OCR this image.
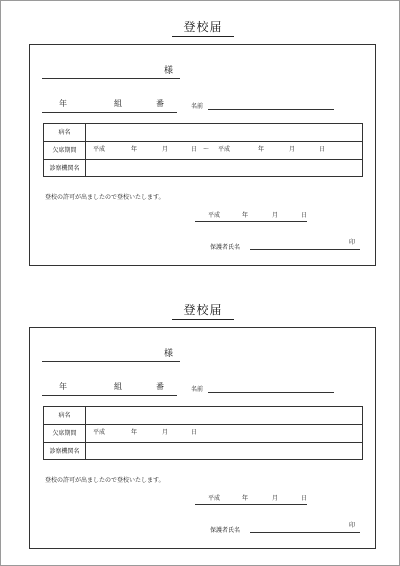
登校届
様
年	組	番	名前
病名
欠席期間	平成	年	月	日 〜 平成	年	月	日
診察機関名
登校の許可が出ましたので登校いたします。
平成	年	月	日
保護者氏名
印
登校届
様
年	組	番	名前
病名
欠席期間	平成	年	月	日
診察機関名
登校の許可が出ましたので登校いたします。
平成	年	月	日
保護者氏名
印
